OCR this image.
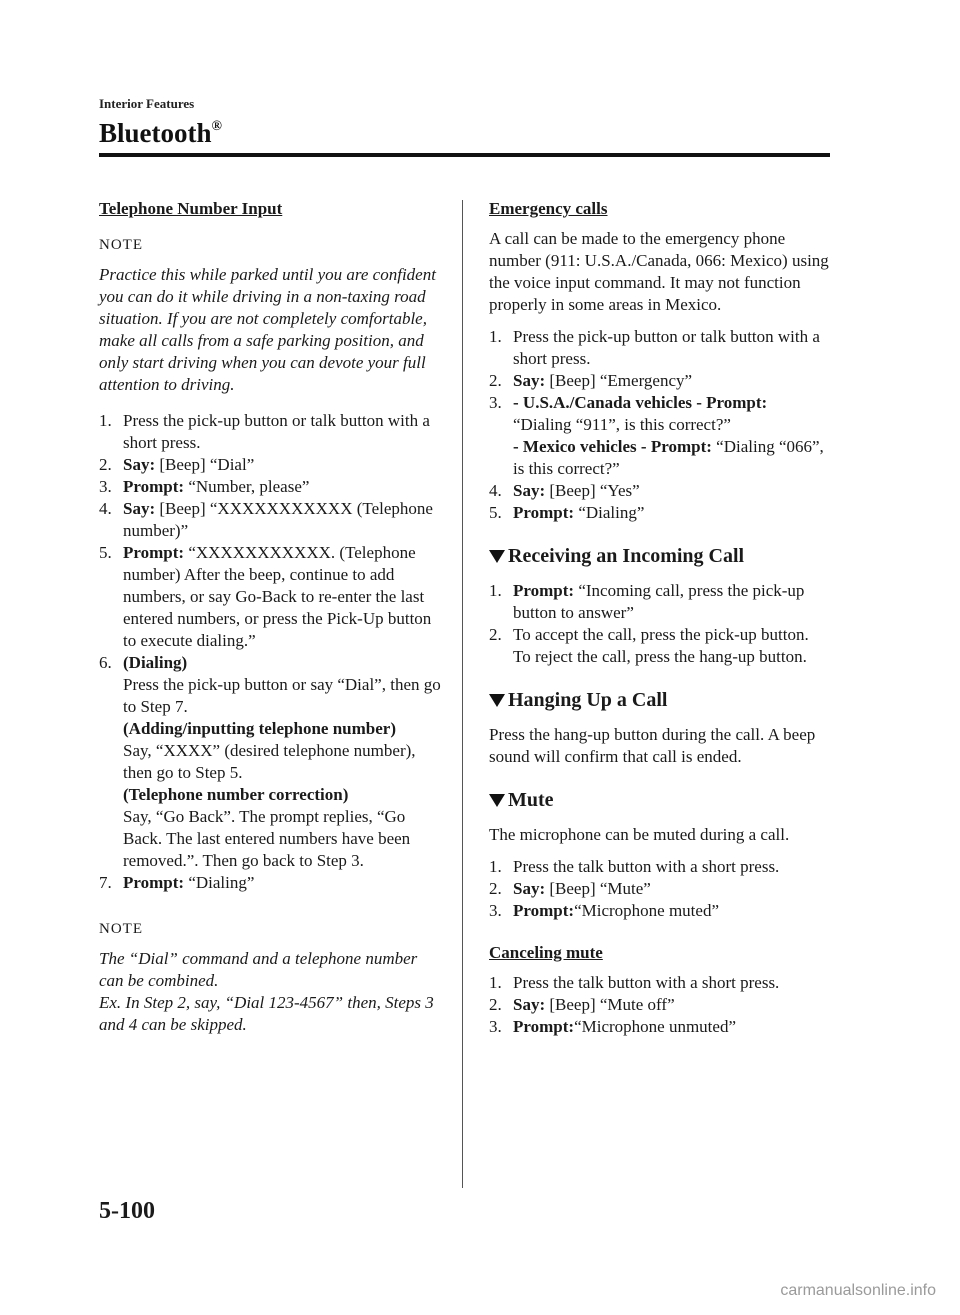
Interior Features
Bluetooth®
Telephone Number Input
NOTE
Practice this while parked until you are confident you can do it while driving in a non-taxing road situation. If you are not completely comfortable, make all calls from a safe parking position, and only start driving when you can devote your full attention to driving.
1. Press the pick-up button or talk button with a short press.
2. Say: [Beep] “Dial”
3. Prompt: “Number, please”
4. Say: [Beep] “XXXXXXXXXXX (Telephone number)”
5. Prompt: “XXXXXXXXXXX. (Telephone number) After the beep, continue to add numbers, or say Go-Back to re-enter the last entered numbers, or press the Pick-Up button to execute dialing.”
6. (Dialing)
Press the pick-up button or say “Dial”, then go to Step 7.
(Adding/inputting telephone number)
Say, “XXXX” (desired telephone number), then go to Step 5.
(Telephone number correction)
Say, “Go Back”. The prompt replies, “Go Back. The last entered numbers have been removed.”. Then go back to Step 3.
7. Prompt: “Dialing”
NOTE
The “Dial” command and a telephone number can be combined.
Ex. In Step 2, say, “Dial 123-4567” then, Steps 3 and 4 can be skipped.
Emergency calls
A call can be made to the emergency phone number (911: U.S.A./Canada, 066: Mexico) using the voice input command. It may not function properly in some areas in Mexico.
1. Press the pick-up button or talk button with a short press.
2. Say: [Beep] “Emergency”
3. - U.S.A./Canada vehicles - Prompt:
“Dialing “911”, is this correct?”
- Mexico vehicles - Prompt: “Dialing “066”, is this correct?”
4. Say: [Beep] “Yes”
5. Prompt: “Dialing”
Receiving an Incoming Call
1. Prompt: “Incoming call, press the pick-up button to answer”
2. To accept the call, press the pick-up button.
To reject the call, press the hang-up button.
Hanging Up a Call
Press the hang-up button during the call. A beep sound will confirm that call is ended.
Mute
The microphone can be muted during a call.
1. Press the talk button with a short press.
2. Say: [Beep] “Mute”
3. Prompt:“Microphone muted”
Canceling mute
1. Press the talk button with a short press.
2. Say: [Beep] “Mute off”
3. Prompt:“Microphone unmuted”
5-100
carmanualsonline.info
